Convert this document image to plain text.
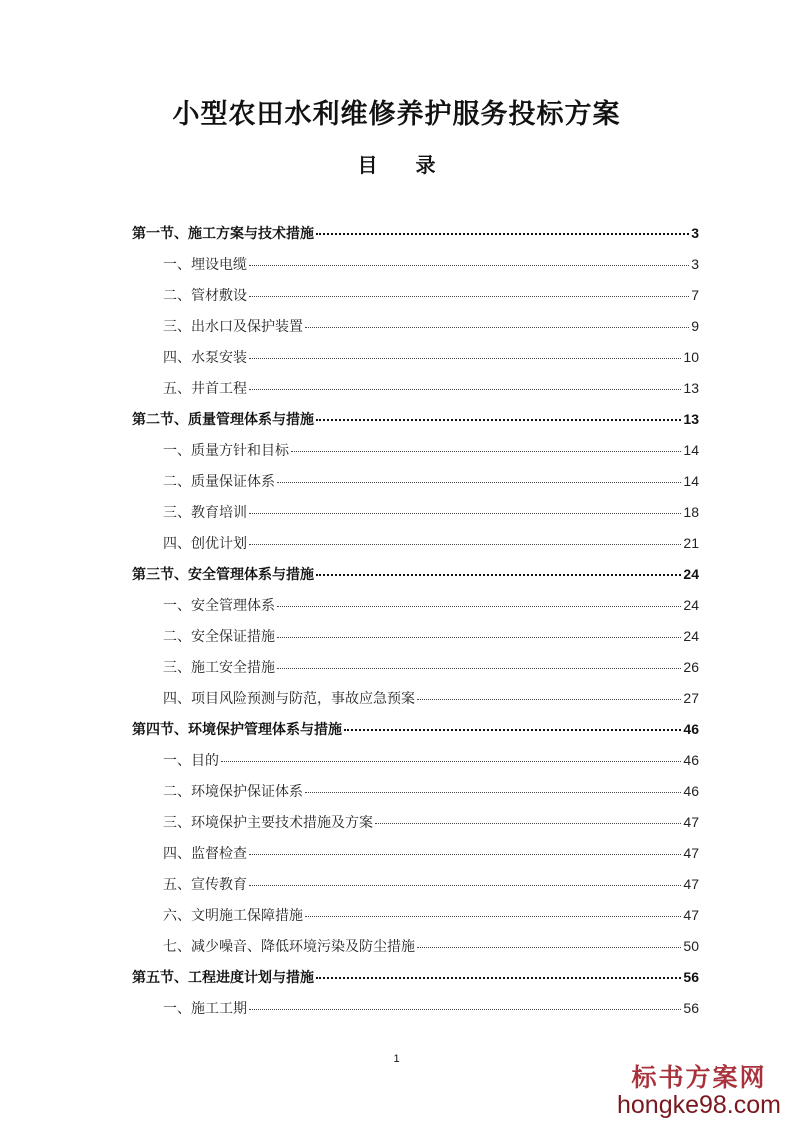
小型农田水利维修养护服务投标方案
目 录
第一节、施工方案与技术措施	3
一、埋设电缆	3
二、管材敷设	7
三、出水口及保护装置	9
四、水泵安装	10
五、井首工程	13
第二节、质量管理体系与措施	13
一、质量方针和目标	14
二、质量保证体系	14
三、教育培训	18
四、创优计划	21
第三节、安全管理体系与措施	24
一、安全管理体系	24
二、安全保证措施	24
三、施工安全措施	26
四、项目风险预测与防范，事故应急预案	27
第四节、环境保护管理体系与措施	46
一、目的	46
二、环境保护保证体系	46
三、环境保护主要技术措施及方案	47
四、监督检查	47
五、宣传教育	47
六、文明施工保障措施	47
七、减少噪音、降低环境污染及防尘措施	50
第五节、工程进度计划与措施	56
一、施工工期	56
1
标书方案网
hongke98.com
